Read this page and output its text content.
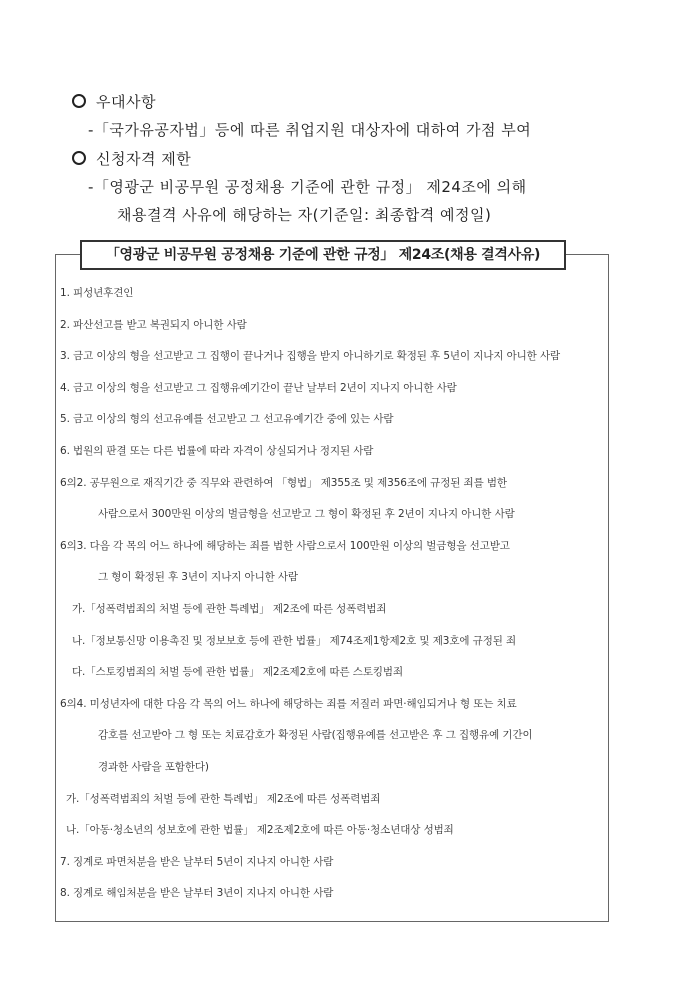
우대사항
-「국가유공자법」등에 따른 취업지원 대상자에 대하여 가점 부여
신청자격 제한
-「영광군 비공무원 공정채용 기준에 관한 규정」 제24조에 의해
채용결격 사유에 해당하는 자(기준일: 최종합격 예정일)
「영광군 비공무원 공정채용 기준에 관한 규정」 제24조(채용 결격사유)
1. 피성년후견인
2. 파산선고를 받고 복권되지 아니한 사람
3. 금고 이상의 형을 선고받고 그 집행이 끝나거나 집행을 받지 아니하기로 확정된 후 5년이 지나지 아니한 사람
4. 금고 이상의 형을 선고받고 그 집행유예기간이 끝난 날부터 2년이 지나지 아니한 사람
5. 금고 이상의 형의 선고유예를 선고받고 그 선고유예기간 중에 있는 사람
6. 법원의 판결 또는 다른 법률에 따라 자격이 상실되거나 정지된 사람
6의2. 공무원으로 재직기간 중 직무와 관련하여 「형법」 제355조 및 제356조에 규정된 죄를 범한
사람으로서 300만원 이상의 벌금형을 선고받고 그 형이 확정된 후 2년이 지나지 아니한 사람
6의3. 다음 각 목의 어느 하나에 해당하는 죄를 범한 사람으로서 100만원 이상의 벌금형을 선고받고
그 형이 확정된 후 3년이 지나지 아니한 사람
가.「성폭력범죄의 처벌 등에 관한 특례법」 제2조에 따른 성폭력범죄
나.「정보통신망 이용촉진 및 정보보호 등에 관한 법률」 제74조제1항제2호 및 제3호에 규정된 죄
다.「스토킹범죄의 처벌 등에 관한 법률」 제2조제2호에 따른 스토킹범죄
6의4. 미성년자에 대한 다음 각 목의 어느 하나에 해당하는 죄를 저질러 파면·해임되거나 형 또는 치료
감호를 선고받아 그 형 또는 치료감호가 확정된 사람(집행유예를 선고받은 후 그 집행유예 기간이
경과한 사람을 포함한다)
가.「성폭력범죄의 처벌 등에 관한 특례법」 제2조에 따른 성폭력범죄
나.「아동·청소년의 성보호에 관한 법률」 제2조제2호에 따른 아동·청소년대상 성범죄
7. 징계로 파면처분을 받은 날부터 5년이 지나지 아니한 사람
8. 징계로 해임처분을 받은 날부터 3년이 지나지 아니한 사람
